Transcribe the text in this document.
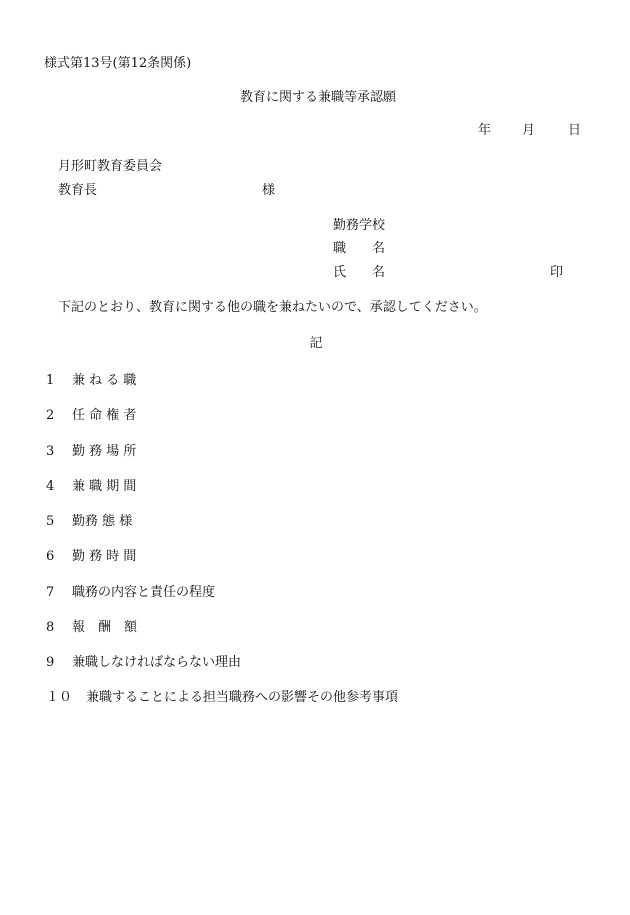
様式第13号(第12条関係)
教育に関する兼職等承認願
年 月	日
月形町教育委員会
教育長	様
勤務学校
職　　名
氏　　名	印
下記のとおり、教育に関する他の職を兼ねたいので、承認してください。
記
1 兼 ね る 職
2 任 命 権 者
3 勤 務 場 所
4 兼 職 期 間
5 勤務 態 様
6 勤 務 時 間
7 職務の内容と責任の程度
8 報　酬　額
9 兼職しなければならない理由
１０ 兼職することによる担当職務への影響その他参考事項
